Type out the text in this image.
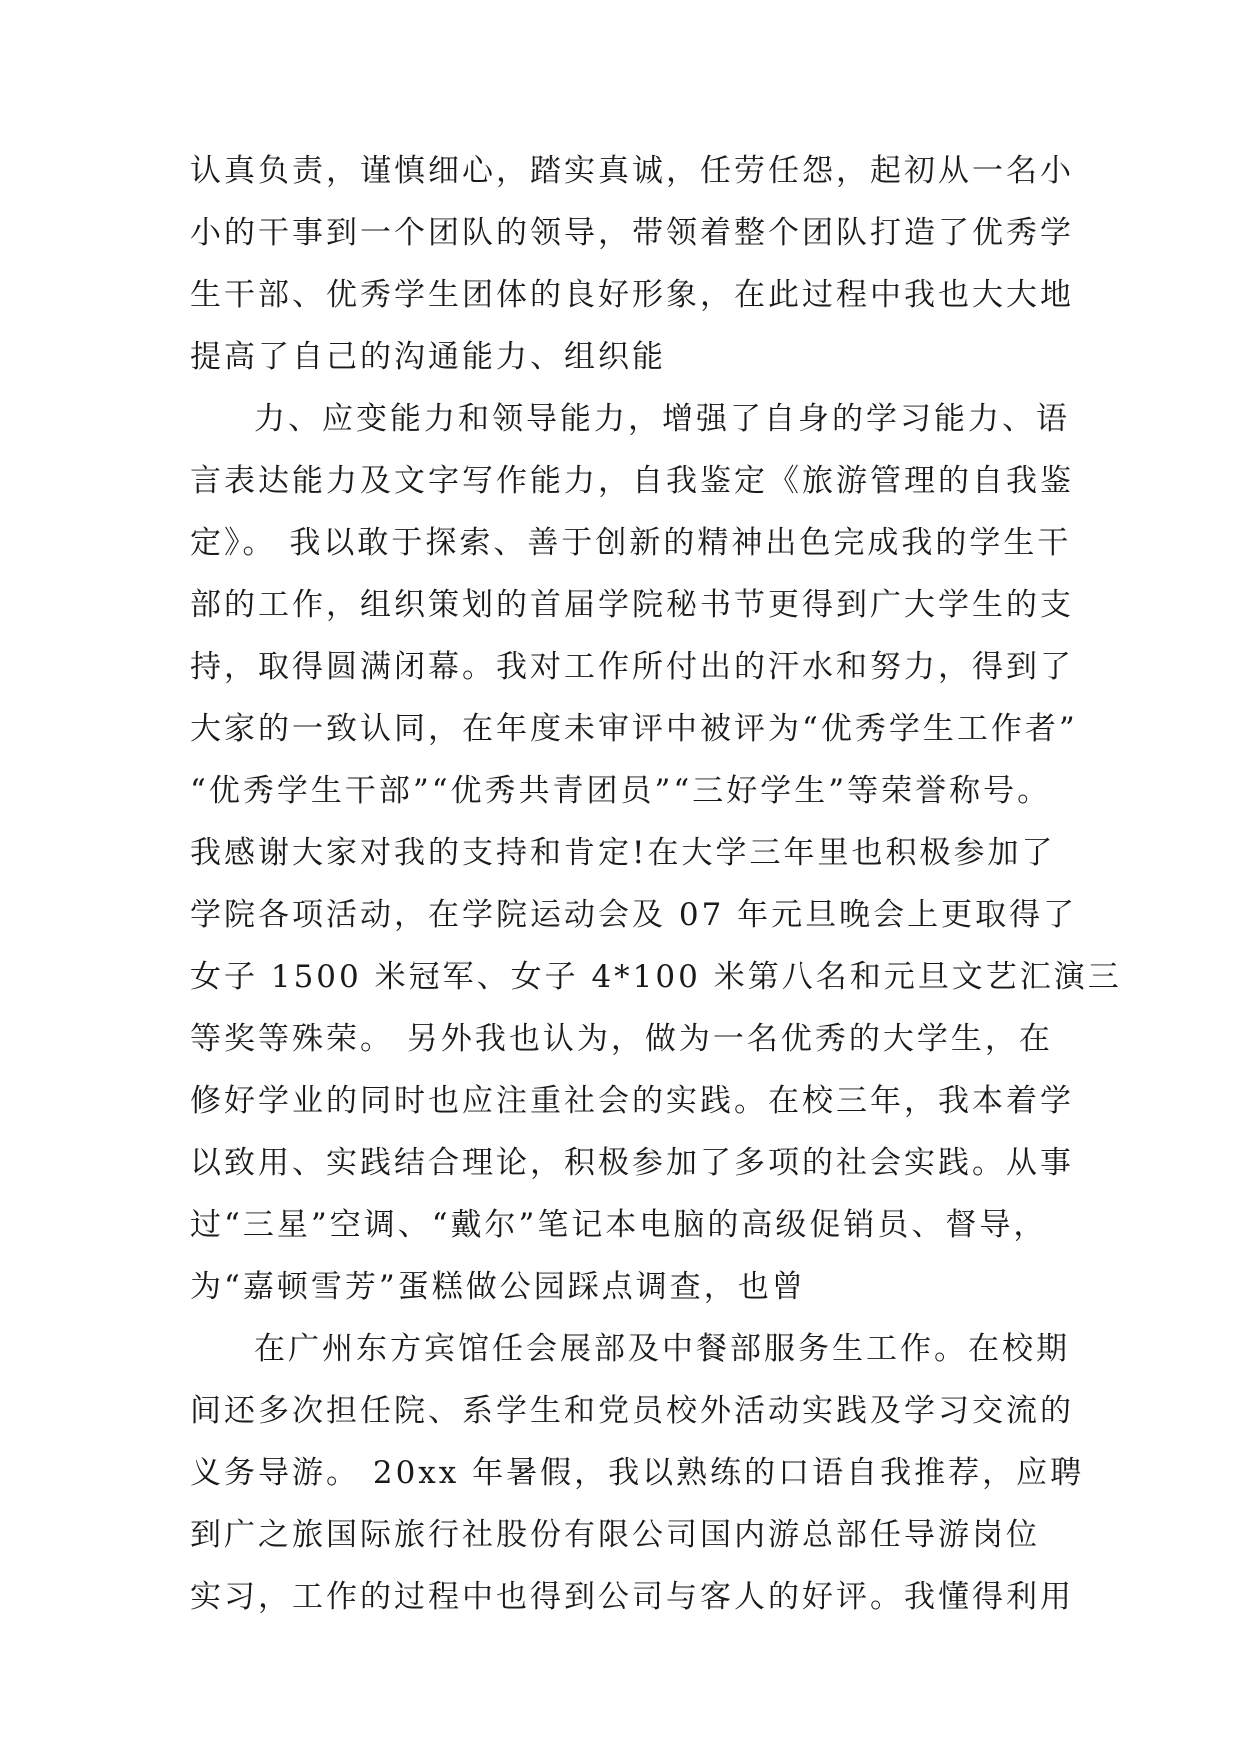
认真负责，谨慎细心，踏实真诚，任劳任怨，起初从一名小
小的干事到一个团队的领导，带领着整个团队打造了优秀学
生干部、优秀学生团体的良好形象，在此过程中我也大大地
提高了自己的沟通能力、组织能

力、应变能力和领导能力，增强了自身的学习能力、语
言表达能力及文字写作能力，自我鉴定《旅游管理的自我鉴
定》。 我以敢于探索、善于创新的精神出色完成我的学生干
部的工作，组织策划的首届学院秘书节更得到广大学生的支
持，取得圆满闭幕。我对工作所付出的汗水和努力，得到了
大家的一致认同，在年度未审评中被评为“优秀学生工作者”
“优秀学生干部”“优秀共青团员”“三好学生”等荣誉称号。
我感谢大家对我的支持和肯定!在大学三年里也积极参加了
学院各项活动，在学院运动会及 07 年元旦晚会上更取得了
女子 1500 米冠军、女子 4*100 米第八名和元旦文艺汇演三
等奖等殊荣。 另外我也认为，做为一名优秀的大学生，在
修好学业的同时也应注重社会的实践。在校三年，我本着学
以致用、实践结合理论，积极参加了多项的社会实践。从事
过“三星”空调、“戴尔”笔记本电脑的高级促销员、督导，
为“嘉顿雪芳”蛋糕做公园踩点调查，也曾

在广州东方宾馆任会展部及中餐部服务生工作。在校期
间还多次担任院、系学生和党员校外活动实践及学习交流的
义务导游。 20xx 年暑假，我以熟练的口语自我推荐，应聘
到广之旅国际旅行社股份有限公司国内游总部任导游岗位
实习，工作的过程中也得到公司与客人的好评。我懂得利用
